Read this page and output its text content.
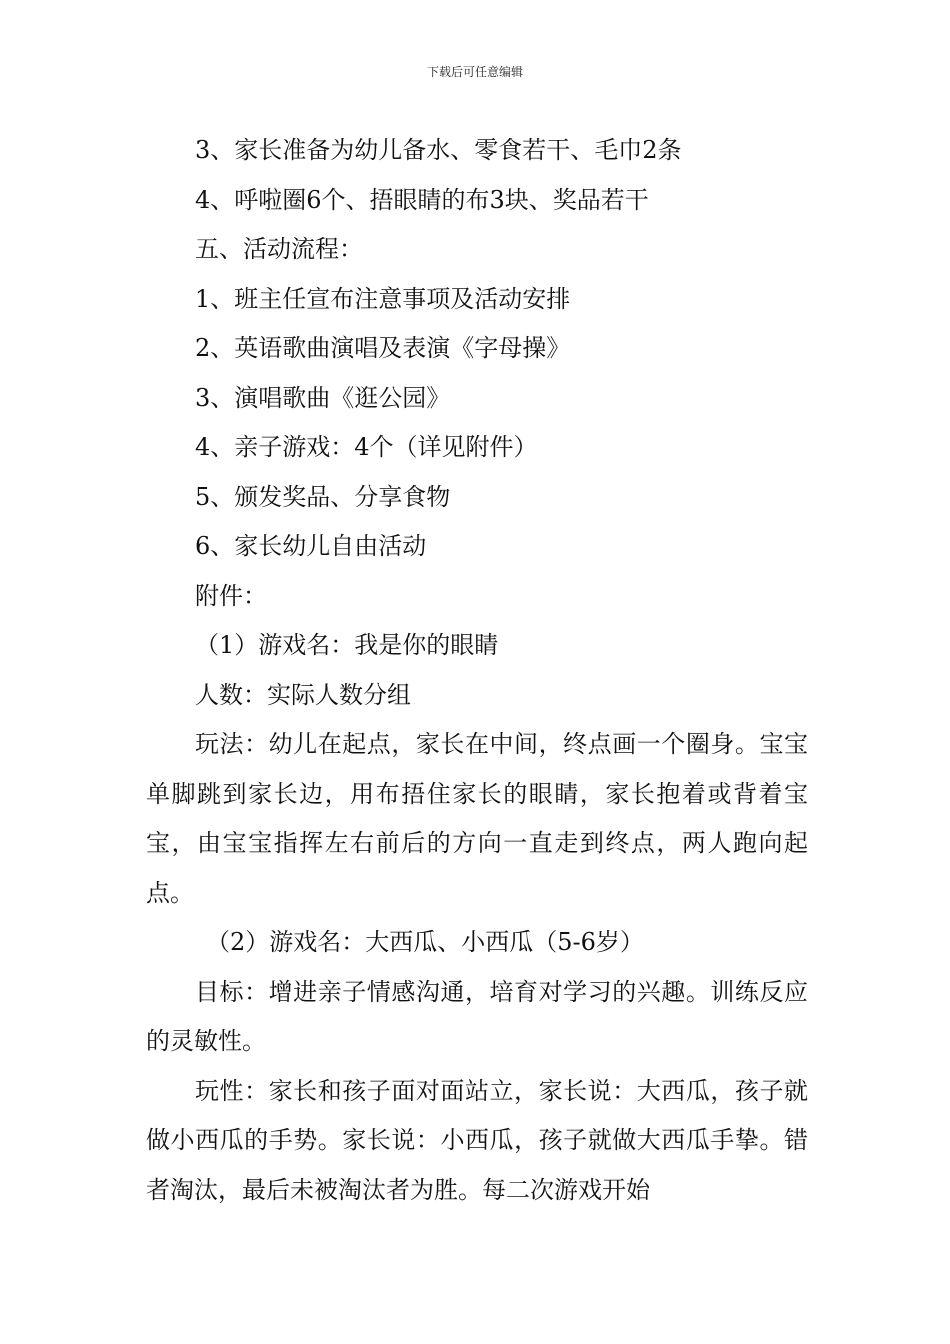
下载后可任意编辑
3、家长准备为幼儿备水、零食若干、毛巾2条
4、呼啦圈6个、捂眼睛的布3块、奖品若干
五、活动流程：
1、班主任宣布注意事项及活动安排
2、英语歌曲演唱及表演《字母操》
3、演唱歌曲《逛公园》
4、亲子游戏：4个（详见附件）
5、颁发奖品、分享食物
6、家长幼儿自由活动
附件：
（1）游戏名：我是你的眼睛
人数：实际人数分组
玩法：幼儿在起点，家长在中间，终点画一个圈身。宝宝单脚跳到家长边，用布捂住家长的眼睛，家长抱着或背着宝宝，由宝宝指挥左右前后的方向一直走到终点，两人跑向起点。
（2）游戏名：大西瓜、小西瓜（5-6岁）
目标：增进亲子情感沟通，培育对学习的兴趣。训练反应的灵敏性。
玩性：家长和孩子面对面站立，家长说：大西瓜，孩子就做小西瓜的手势。家长说：小西瓜，孩子就做大西瓜手挚。错者淘汰，最后未被淘汰者为胜。每二次游戏开始
